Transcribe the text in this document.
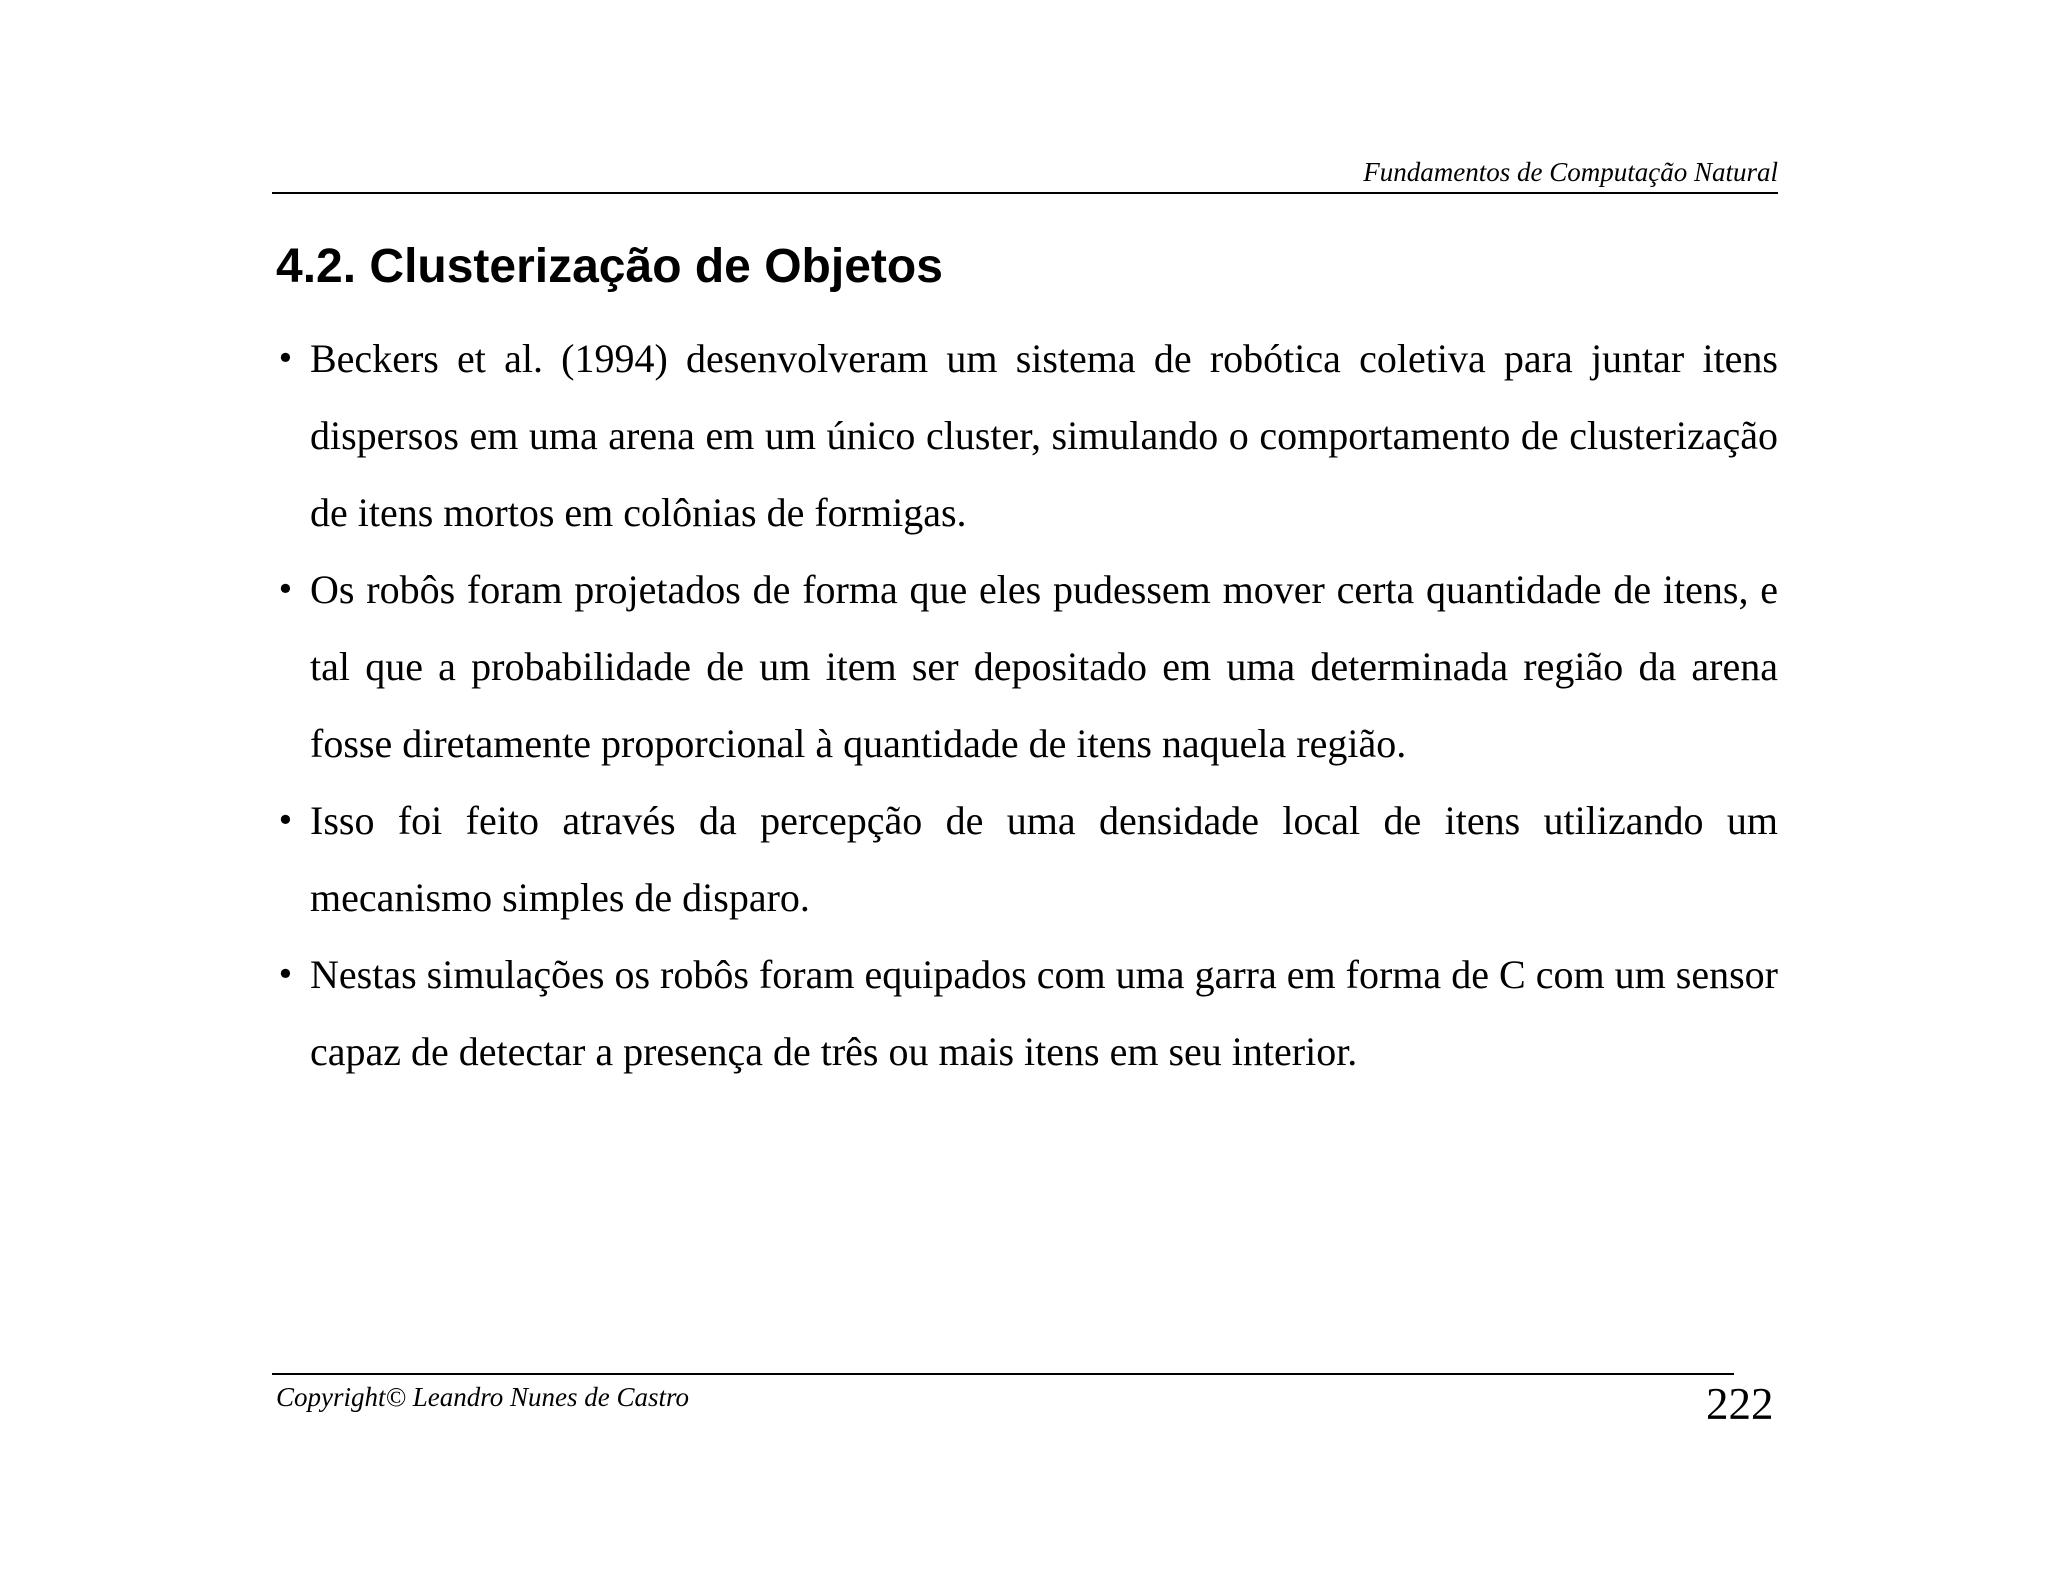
Fundamentos de Computação Natural
4.2. Clusterização de Objetos
• Beckers et al. (1994) desenvolveram um sistema de robótica coletiva para juntar itens dispersos em uma arena em um único cluster, simulando o comportamento de clusterização de itens mortos em colônias de formigas.
• Os robôs foram projetados de forma que eles pudessem mover certa quantidade de itens, e tal que a probabilidade de um item ser depositado em uma determinada região da arena fosse diretamente proporcional à quantidade de itens naquela região.
• Isso foi feito através da percepção de uma densidade local de itens utilizando um mecanismo simples de disparo.
• Nestas simulações os robôs foram equipados com uma garra em forma de C com um sensor capaz de detectar a presença de três ou mais itens em seu interior.
Copyright© Leandro Nunes de Castro	222
